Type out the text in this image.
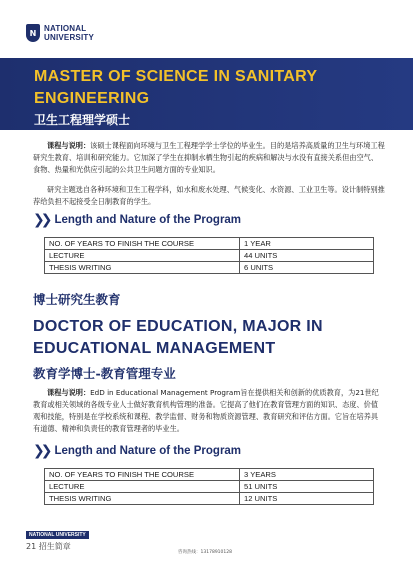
N NATIONAL
UNIVERSITY
MASTER OF SCIENCE IN SANITARY ENGINEERING
卫生工程理学硕士
课程与说明：该硕士课程面向环境与卫生工程理学学士学位的毕业生。目的是培养高质量的卫生与环境工程研究生教育、培训和研究能力。它加深了学生在抑制水栖生物引起的疾病和解决与水没有直接关系但由空气、食物、热量和光供应引起的公共卫生问题方面的专业知识。
研究主题选自各种环境和卫生工程学科，如水和废水处理、气候变化、水资源、工业卫生等。设计制特别推荐给负担不起接受全日制教育的学生。
❯❯ Length and Nature of the Program
NO. OF YEARS TO FINISH THE COURSE	1 YEAR
LECTURE	44 UNITS
THESIS WRITING	6 UNITS
博士研究生教育
DOCTOR OF EDUCATION, MAJOR IN EDUCATIONAL MANAGEMENT
教育学博士-教育管理专业
课程与说明：EdD in Educational Management Program旨在提供相关和创新的优质教育，为21世纪教育或相关领域的各级专业人士做好教育机构管理的准备。它提高了他们在教育管理方面的知识、态度、价值观和技能，特别是在学校系统和课程、教学监督、财务和物质资源管理、教育研究和评估方面。它旨在培养具有道德、精神和负责任的教育管理者的毕业生。
❯❯ Length and Nature of the Program
NO. OF YEARS TO FINISH THE COURSE	3 YEARS
LECTURE	51 UNITS
THESIS WRITING	12 UNITS
NATIONAL UNIVERSITY
21 招生简章
咨询热线：13178910128
